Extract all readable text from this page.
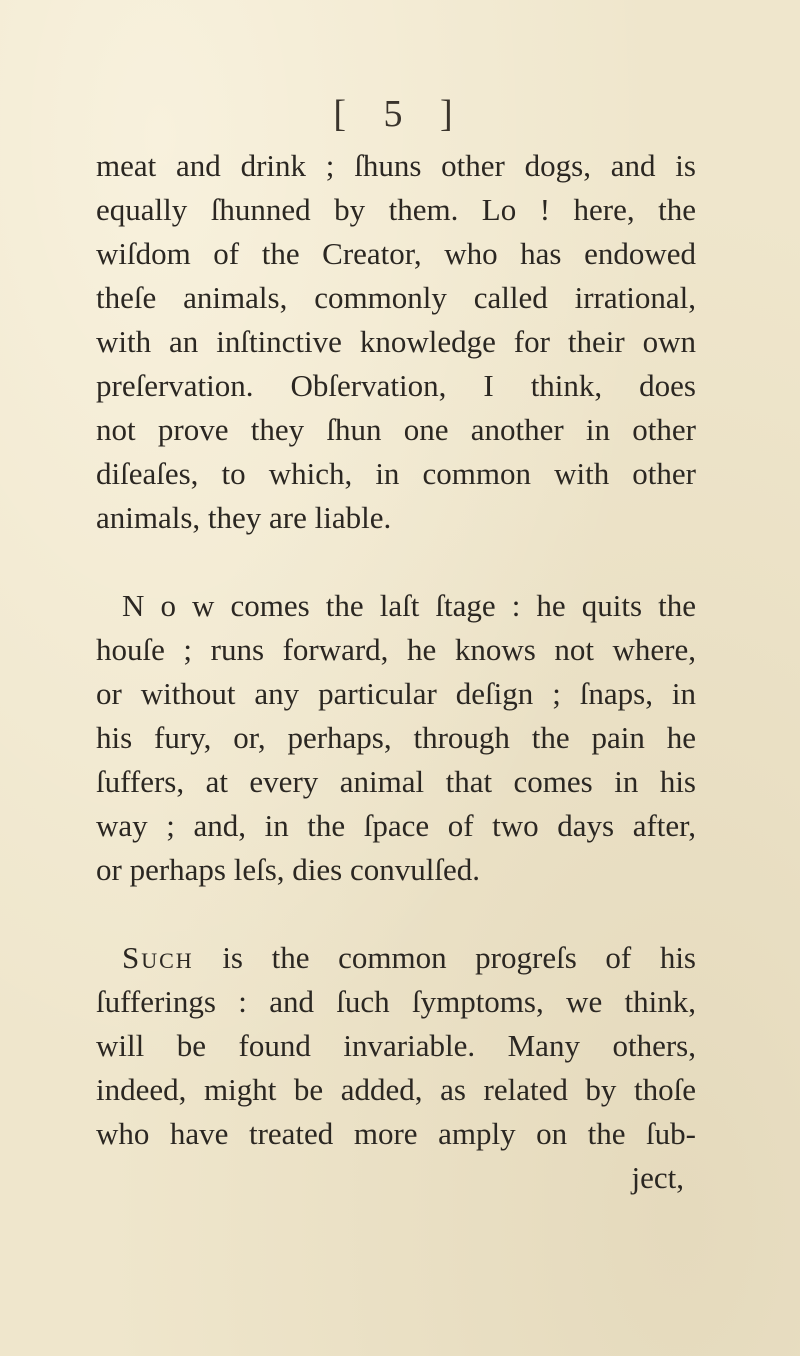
[ 5 ]
meat and drink ; ſhuns other dogs, and is
equally ſhunned by them. Lo ! here, the
wiſdom of the Creator, who has endowed
theſe animals, commonly called irrational,
with an inſtinctive knowledge for their own
preſervation. Obſervation, I think, does
not prove they ſhun one another in other
diſeaſes, to which, in common with other
animals, they are liable.
N o w comes the laſt ſtage : he quits the
houſe ; runs forward, he knows not where,
or without any particular deſign ; ſnaps, in
his fury, or, perhaps, through the pain he
ſuffers, at every animal that comes in his
way ; and, in the ſpace of two days after,
or perhaps leſs, dies convulſed.
Such is the common progreſs of his
ſufferings : and ſuch ſymptoms, we think,
will be found invariable. Many others,
indeed, might be added, as related by thoſe
who have treated more amply on the ſub-
ject,
